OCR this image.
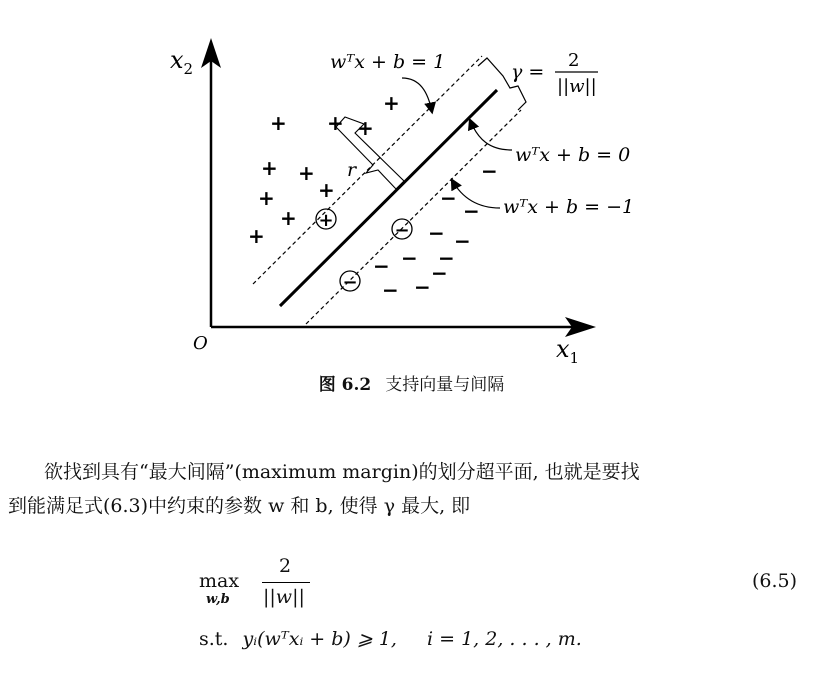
$x_2$
$x_1$
O
r
wᵀx + b = 1
wᵀx + b = 0
wᵀx + b = −1
γ =
2
||w||
+
+ + +
+ +
+
+
+
+
−
−
−
− −
− −
− −
− −
+	−
−
图 6.2 支持向量与间隔
欲找到具有“最大间隔”(maximum margin)的划分超平面, 也就是要找
到能满足式(6.3)中约束的参数 w 和 b, 使得 γ 最大, 即
max
w,b
2
||w||
(6.5)
s.t. yᵢ(wᵀxᵢ + b) ⩾ 1, i = 1, 2, . . . , m.
